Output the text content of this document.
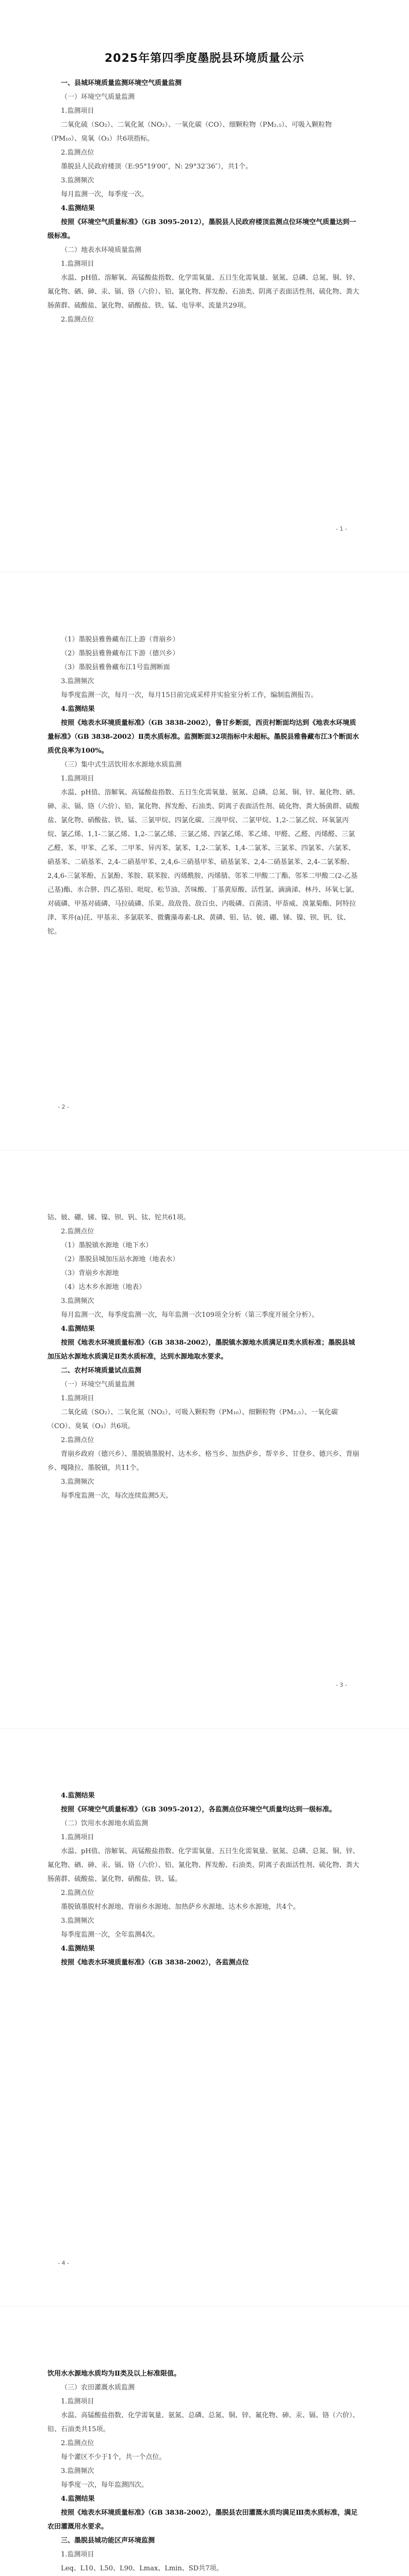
2025年第四季度墨脱县环境质量公示

一、县城环境质量监测环境空气质量监测

（一）环境空气质量监测

1.监测项目

二氧化硫（SO₂）、二氧化氮（NO₂）、一氧化碳（CO）、细颗粒物（PM₂.₅）、可吸入颗粒物（PM₁₀）、臭氧（O₃）共6项指标。

2.监测点位

墨脱县人民政府楼顶（E:95°19′00″，N: 29°32′36″），共1个。

3.监测频次

每月监测一次，每季度一次。

4.监测结果

按照《环境空气质量标准》（GB 3095-2012），墨脱县人民政府楼顶监测点位环境空气质量达到一级标准。

（二）地表水环境质量监测

1.监测项目

水温、pH值、溶解氧、高锰酸盐指数、化学需氧量、五日生化需氧量、氨氮、总磷、总氮、铜、锌、氟化物、硒、砷、汞、镉、铬（六价）、铅、氰化物、挥发酚、石油类、阴离子表面活性剂、硫化物、粪大肠菌群、硫酸盐、氯化物、硝酸盐、铁、锰、电导率、流量共29项。

2.监测点位

- 1 -

（1）墨脱县雅鲁藏布江上游（背崩乡）

（2）墨脱县雅鲁藏布江下游（德兴乡）

（3）墨脱县雅鲁藏布江1号监测断面

3.监测频次

每季度监测一次，每月一次，每月15日前完成采样并实验室分析工作，编制监测报告。

4.监测结果

按照《地表水环境质量标准》（GB 3838-2002），鲁甘乡断面，西贡村断面均达到《地表水环境质量标准》（GB 3838-2002）Ⅱ类水质标准。监测断面32项指标中未超标。墨脱县雅鲁藏布江3个断面水质优良率为100%。

（三）集中式生活饮用水水源地水质监测

1.监测项目

水温、pH值、溶解氧、高锰酸盐指数、五日生化需氧量、氨氮、总磷、总氮、铜、锌、氟化物、硒、砷、汞、镉、铬（六价）、铅、氰化物、挥发酚、石油类、阴离子表面活性剂、硫化物、粪大肠菌群、硫酸盐、氯化物、硝酸盐、铁、锰、三氯甲烷、四氯化碳、三溴甲烷、二氯甲烷、1,2-二氯乙烷、环氧氯丙烷、氯乙烯、1,1-二氯乙烯、1,2-二氯乙烯、三氯乙烯、四氯乙烯、苯乙烯、甲醛、乙醛、丙烯醛、三氯乙醛、苯、甲苯、乙苯、二甲苯、异丙苯、氯苯、1,2-二氯苯、1,4-二氯苯、三氯苯、四氯苯、六氯苯、硝基苯、二硝基苯、2,4-二硝基甲苯、2,4,6-三硝基甲苯、硝基氯苯、2,4-二硝基氯苯、2,4-二氯苯酚、2,4,6-三氯苯酚、五氯酚、苯胺、联苯胺、丙烯酰胺、丙烯腈、邻苯二甲酸二丁酯、邻苯二甲酸二(2-乙基己基)酯、水合肼、四乙基铅、吡啶、松节油、苦味酸、丁基黄原酸、活性氯、滴滴涕、林丹、环氧七氯、对硫磷、甲基对硫磷、马拉硫磷、乐果、敌敌畏、敌百虫、内吸磷、百菌清、甲萘威、溴氰菊酯、阿特拉津、苯并(a)芘、甲基汞、多氯联苯、微囊藻毒素-LR、黄磷、钼、钴、铍、硼、锑、镍、钡、钒、钛、铊。

- 2 -

钴、铍、硼、锑、镍、钡、钒、钛、铊共61项。

2.监测点位

（1）墨脱镇水源地（地下水）

（2）墨脱县城加压站水源地（地表水）

（3）背崩乡水源地

（4）达木乡水源地（地表）

3.监测频次

每月监测一次，每季度监测一次，每年监测一次109项全分析（第三季度开展全分析）。

4.监测结果

按照《地表水环境质量标准》（GB 3838-2002），墨脱镇水源地水质满足Ⅱ类水质标准；墨脱县城加压站水源地水质满足Ⅱ类水质标准，达到水源地取水要求。

二、农村环境质量试点监测

（一）环境空气质量监测

1.监测项目

二氧化硫（SO₂）、二氧化氮（NO₂）、可吸入颗粒物（PM₁₀）、细颗粒物（PM₂.₅）、一氧化碳（CO）、臭氧（O₃）共6项。

2.监测点位

背崩乡政府（德兴乡）、墨脱镇墨脱村、达木乡、格当乡、加热萨乡、帮辛乡、甘登乡、德兴乡、背崩乡、嘎隆拉、墨脱镇，共11个。

3.监测频次

每季度监测一次，每次连续监测5天。

- 3 -

4.监测结果

按照《环境空气质量标准》（GB 3095-2012），各监测点位环境空气质量均达到一级标准。

（二）饮用水水源地水质监测

1.监测项目

水温、pH值、溶解氧、高锰酸盐指数、化学需氧量、五日生化需氧量、氨氮、总磷、总氮、铜、锌、氟化物、硒、砷、汞、镉、铬（六价）、铅、氰化物、挥发酚、石油类、阴离子表面活性剂、硫化物、粪大肠菌群、硫酸盐、氯化物、硝酸盐、铁、锰。

2.监测点位

墨脱镇墨脱村水源地、背崩乡水源地、加热萨乡水源地、达木乡水源地，共4个。

3.监测频次

每季度监测一次，全年监测4次。

4.监测结果

按照《地表水环境质量标准》（GB 3838-2002），各监测点位

- 4 -

饮用水水源地水质均为Ⅱ类及以上标准限值。

（三）农田灌溉水质监测

1.监测项目

水温、高锰酸盐指数、化学需氧量、氨氮、总磷、总氮、铜、锌、氟化物、砷、汞、镉、铬（六价）、铅、石油类共15项。

2.监测点位

每个灌区不少于1个，共一个点位。

3.监测频次

每季度一次，每年监测四次。

4.监测结果

按照《地表水环境质量标准》（GB 3838-2002），墨脱县农田灌溉水质均满足Ⅲ类水质标准，满足农田灌溉用水要求。

三、墨脱县城功能区声环境监测

1.监测项目

Leq、L10、L50、L90、Lmax、Lmin、SD共7项。
